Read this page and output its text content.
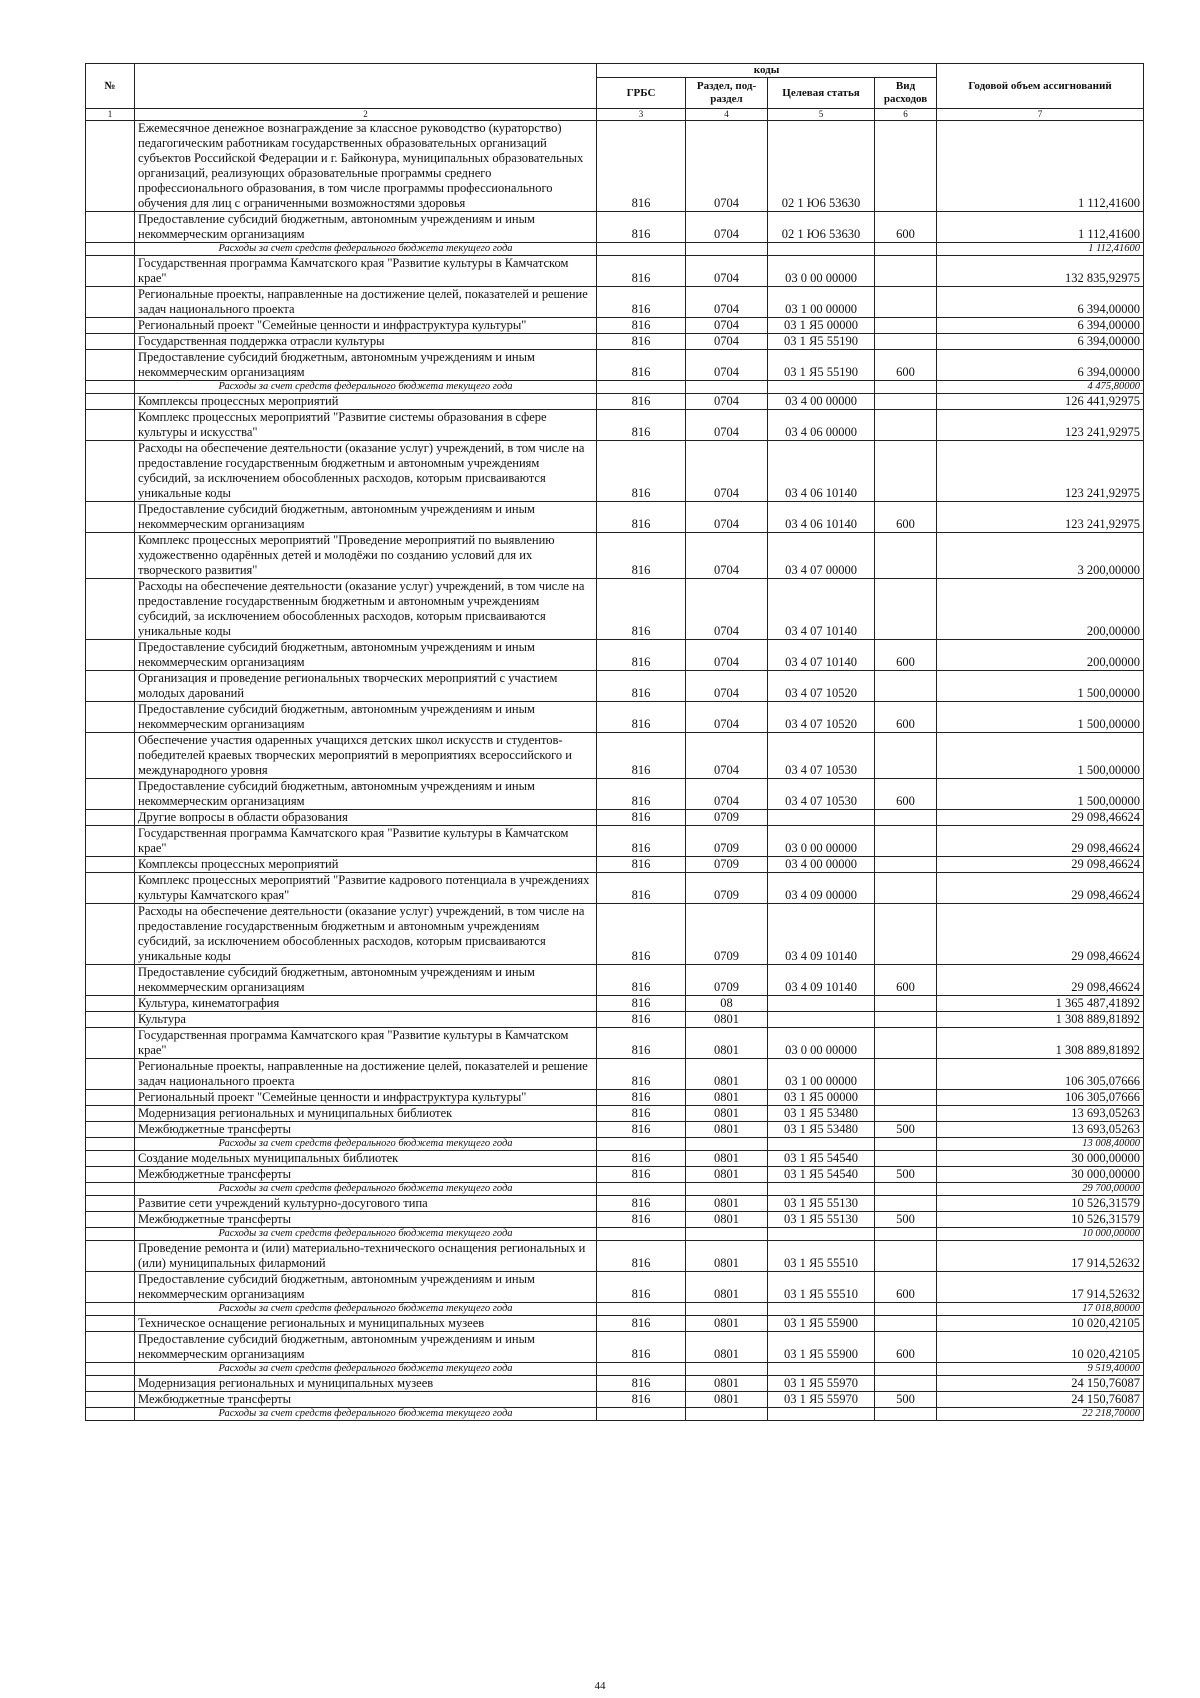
№		коды				Годовой объем ассигнований
		ГРБС	Раздел, под-раздел	Целевая статья	Вид расходов	
1	2	3	4	5	6	7
	Ежемесячное денежное вознаграждение за классное руководство (кураторство) педагогическим работникам государственных образовательных организаций субъектов Российской Федерации и г. Байконура, муниципальных образовательных организаций, реализующих образовательные программы среднего профессионального образования, в том числе программы профессионального обучения для лиц с ограниченными возможностями здоровья	816	0704	02 1 Ю6 53630		1 112,41600
	Предоставление субсидий бюджетным, автономным учреждениям и иным некоммерческим организациям	816	0704	02 1 Ю6 53630	600	1 112,41600
	Расходы за счет средств федерального бюджета текущего года					1 112,41600
	Государственная программа Камчатского края "Развитие культуры в Камчатском крае"	816	0704	03 0 00 00000		132 835,92975
	Региональные проекты, направленные на достижение целей, показателей и решение задач национального проекта	816	0704	03 1 00 00000		6 394,00000
	Региональный проект "Семейные ценности и инфраструктура культуры"	816	0704	03 1 Я5 00000		6 394,00000
	Государственная поддержка отрасли культуры	816	0704	03 1 Я5 55190		6 394,00000
	Предоставление субсидий бюджетным, автономным учреждениям и иным некоммерческим организациям	816	0704	03 1 Я5 55190	600	6 394,00000
	Расходы за счет средств федерального бюджета текущего года					4 475,80000
	Комплексы процессных мероприятий	816	0704	03 4 00 00000		126 441,92975
	Комплекс процессных мероприятий "Развитие системы образования в сфере культуры и искусства"	816	0704	03 4 06 00000		123 241,92975
	Расходы на обеспечение деятельности (оказание услуг) учреждений, в том числе на предоставление государственным бюджетным и автономным учреждениям субсидий, за исключением обособленных расходов, которым присваиваются уникальные коды	816	0704	03 4 06 10140		123 241,92975
	Предоставление субсидий бюджетным, автономным учреждениям и иным некоммерческим организациям	816	0704	03 4 06 10140	600	123 241,92975
	Комплекс процессных мероприятий "Проведение мероприятий по выявлению художественно одарённых детей и молодёжи по созданию условий для их творческого развития"	816	0704	03 4 07 00000		3 200,00000
	Расходы на обеспечение деятельности (оказание услуг) учреждений, в том числе на предоставление государственным бюджетным и автономным учреждениям субсидий, за исключением обособленных расходов, которым присваиваются уникальные коды	816	0704	03 4 07 10140		200,00000
	Предоставление субсидий бюджетным, автономным учреждениям и иным некоммерческим организациям	816	0704	03 4 07 10140	600	200,00000
	Организация и проведение региональных творческих мероприятий с участием молодых дарований	816	0704	03 4 07 10520		1 500,00000
	Предоставление субсидий бюджетным, автономным учреждениям и иным некоммерческим организациям	816	0704	03 4 07 10520	600	1 500,00000
	Обеспечение участия одаренных учащихся детских школ искусств и студентов-победителей краевых творческих мероприятий в мероприятиях всероссийского и международного уровня	816	0704	03 4 07 10530		1 500,00000
	Предоставление субсидий бюджетным, автономным учреждениям и иным некоммерческим организациям	816	0704	03 4 07 10530	600	1 500,00000
	Другие вопросы в области образования	816	0709			29 098,46624
	Государственная программа Камчатского края "Развитие культуры в Камчатском крае"	816	0709	03 0 00 00000		29 098,46624
	Комплексы процессных мероприятий	816	0709	03 4 00 00000		29 098,46624
	Комплекс процессных мероприятий "Развитие кадрового потенциала в учреждениях культуры Камчатского края"	816	0709	03 4 09 00000		29 098,46624
	Расходы на обеспечение деятельности (оказание услуг) учреждений, в том числе на предоставление государственным бюджетным и автономным учреждениям субсидий, за исключением обособленных расходов, которым присваиваются уникальные коды	816	0709	03 4 09 10140		29 098,46624
	Предоставление субсидий бюджетным, автономным учреждениям и иным некоммерческим организациям	816	0709	03 4 09 10140	600	29 098,46624
	Культура, кинематография	816	08			1 365 487,41892
	Культура	816	0801			1 308 889,81892
	Государственная программа Камчатского края "Развитие культуры в Камчатском крае"	816	0801	03 0 00 00000		1 308 889,81892
	Региональные проекты, направленные на достижение целей, показателей и решение задач национального проекта	816	0801	03 1 00 00000		106 305,07666
	Региональный проект "Семейные ценности и инфраструктура культуры"	816	0801	03 1 Я5 00000		106 305,07666
	Модернизация региональных и муниципальных библиотек	816	0801	03 1 Я5 53480		13 693,05263
	Межбюджетные трансферты	816	0801	03 1 Я5 53480	500	13 693,05263
	Расходы за счет средств федерального бюджета текущего года					13 008,40000
	Создание модельных муниципальных библиотек	816	0801	03 1 Я5 54540		30 000,00000
	Межбюджетные трансферты	816	0801	03 1 Я5 54540	500	30 000,00000
	Расходы за счет средств федерального бюджета текущего года					29 700,00000
	Развитие сети учреждений культурно-досугового типа	816	0801	03 1 Я5 55130		10 526,31579
	Межбюджетные трансферты	816	0801	03 1 Я5 55130	500	10 526,31579
	Расходы за счет средств федерального бюджета текущего года					10 000,00000
	Проведение ремонта и (или) материально-технического оснащения региональных и (или) муниципальных филармоний	816	0801	03 1 Я5 55510		17 914,52632
	Предоставление субсидий бюджетным, автономным учреждениям и иным некоммерческим организациям	816	0801	03 1 Я5 55510	600	17 914,52632
	Расходы за счет средств федерального бюджета текущего года					17 018,80000
	Техническое оснащение региональных и муниципальных музеев	816	0801	03 1 Я5 55900		10 020,42105
	Предоставление субсидий бюджетным, автономным учреждениям и иным некоммерческим организациям	816	0801	03 1 Я5 55900	600	10 020,42105
	Расходы за счет средств федерального бюджета текущего года					9 519,40000
	Модернизация региональных и муниципальных музеев	816	0801	03 1 Я5 55970		24 150,76087
	Межбюджетные трансферты	816	0801	03 1 Я5 55970	500	24 150,76087
	Расходы за счет средств федерального бюджета текущего года					22 218,70000
44
